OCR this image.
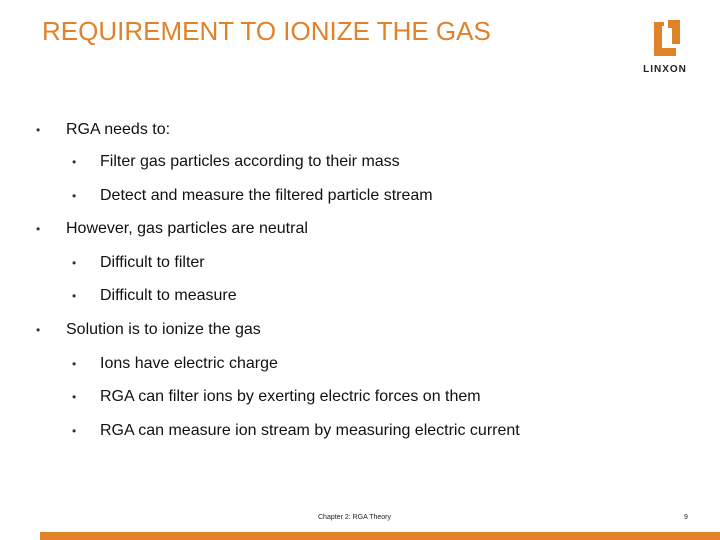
REQUIREMENT TO IONIZE THE GAS
LINXON
• RGA needs to:
• Filter gas particles according to their mass
• Detect and measure the filtered particle stream
• However, gas particles are neutral
• Difficult to filter
• Difficult to measure
• Solution is to ionize the gas
• Ions have electric charge
• RGA can filter ions by exerting electric forces on them
• RGA can measure ion stream by measuring electric current
Chapter 2: RGA Theory	9
